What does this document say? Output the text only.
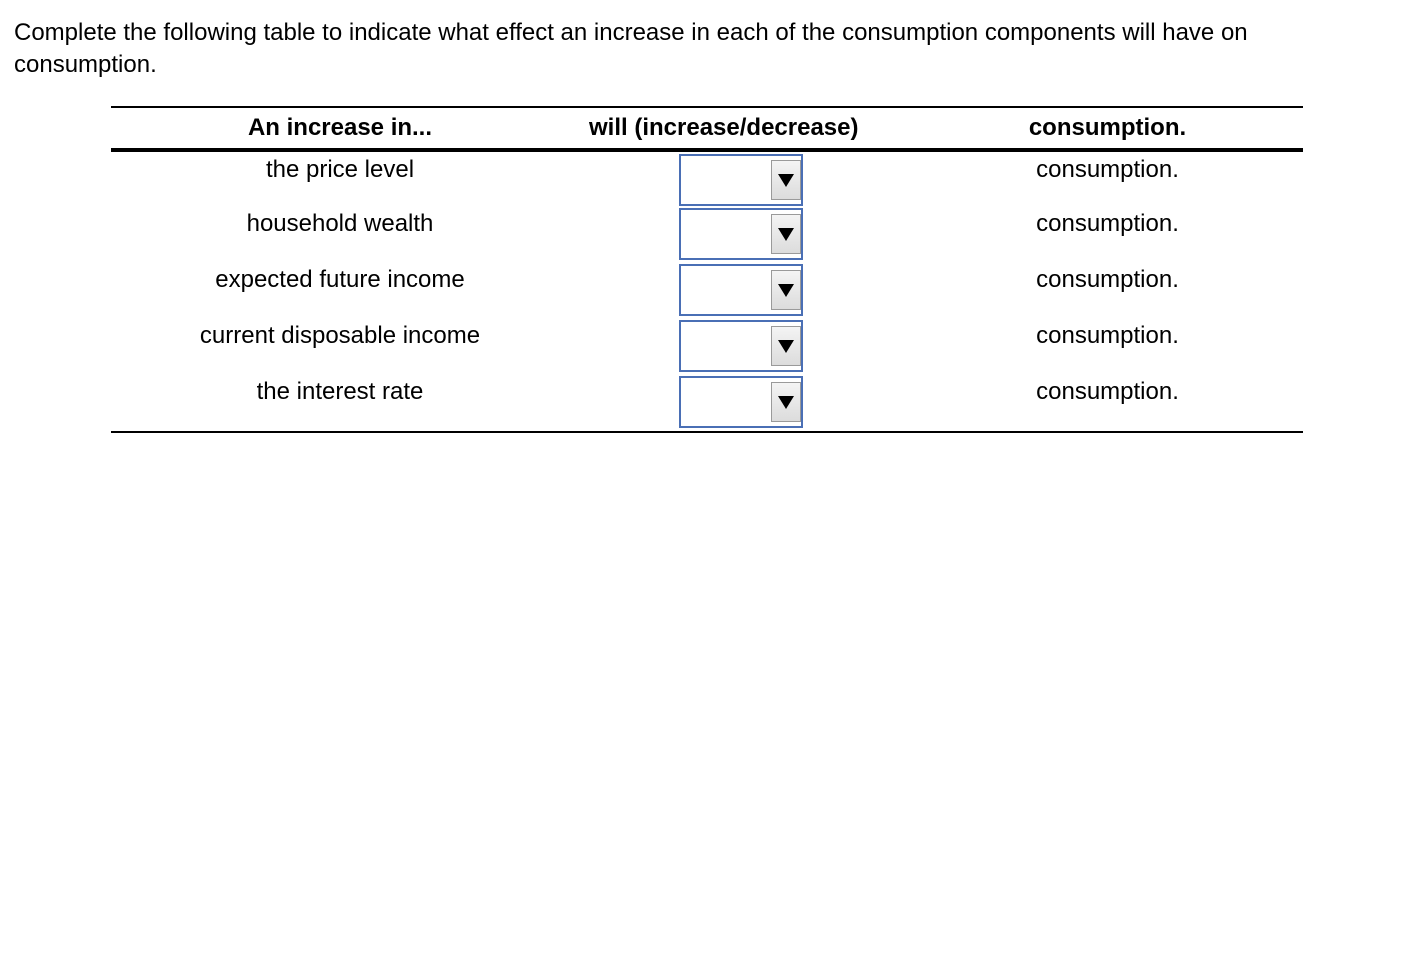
Complete the following table to indicate what effect an increase in each of the consumption components will have on consumption.

An increase in...	will (increase/decrease)	consumption.
the price level		consumption.
household wealth		consumption.
expected future income		consumption.
current disposable income		consumption.
the interest rate		consumption.
